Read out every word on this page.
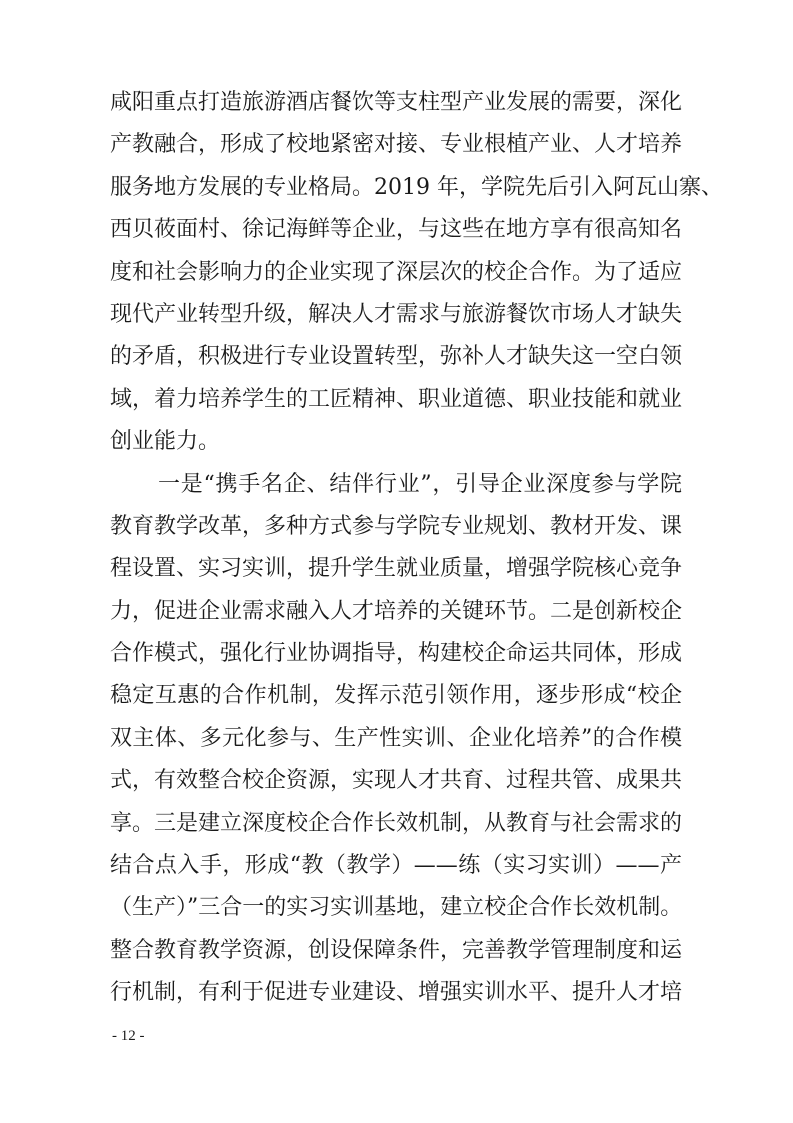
咸阳重点打造旅游酒店餐饮等支柱型产业发展的需要，深化
产教融合，形成了校地紧密对接、专业根植产业、人才培养
服务地方发展的专业格局。2019 年，学院先后引入阿瓦山寨、
西贝莜面村、徐记海鲜等企业，与这些在地方享有很高知名
度和社会影响力的企业实现了深层次的校企合作。为了适应
现代产业转型升级，解决人才需求与旅游餐饮市场人才缺失
的矛盾，积极进行专业设置转型，弥补人才缺失这一空白领
域，着力培养学生的工匠精神、职业道德、职业技能和就业
创业能力。
一是“携手名企、结伴行业”，引导企业深度参与学院
教育教学改革，多种方式参与学院专业规划、教材开发、课
程设置、实习实训，提升学生就业质量，增强学院核心竞争
力，促进企业需求融入人才培养的关键环节。二是创新校企
合作模式，强化行业协调指导，构建校企命运共同体，形成
稳定互惠的合作机制，发挥示范引领作用，逐步形成“校企
双主体、多元化参与、生产性实训、企业化培养”的合作模
式，有效整合校企资源，实现人才共育、过程共管、成果共
享。三是建立深度校企合作长效机制，从教育与社会需求的
结合点入手，形成“教（教学）——练（实习实训）——产
（生产）”三合一的实习实训基地，建立校企合作长效机制。
整合教育教学资源，创设保障条件，完善教学管理制度和运
行机制，有利于促进专业建设、增强实训水平、提升人才培
- 12 -
